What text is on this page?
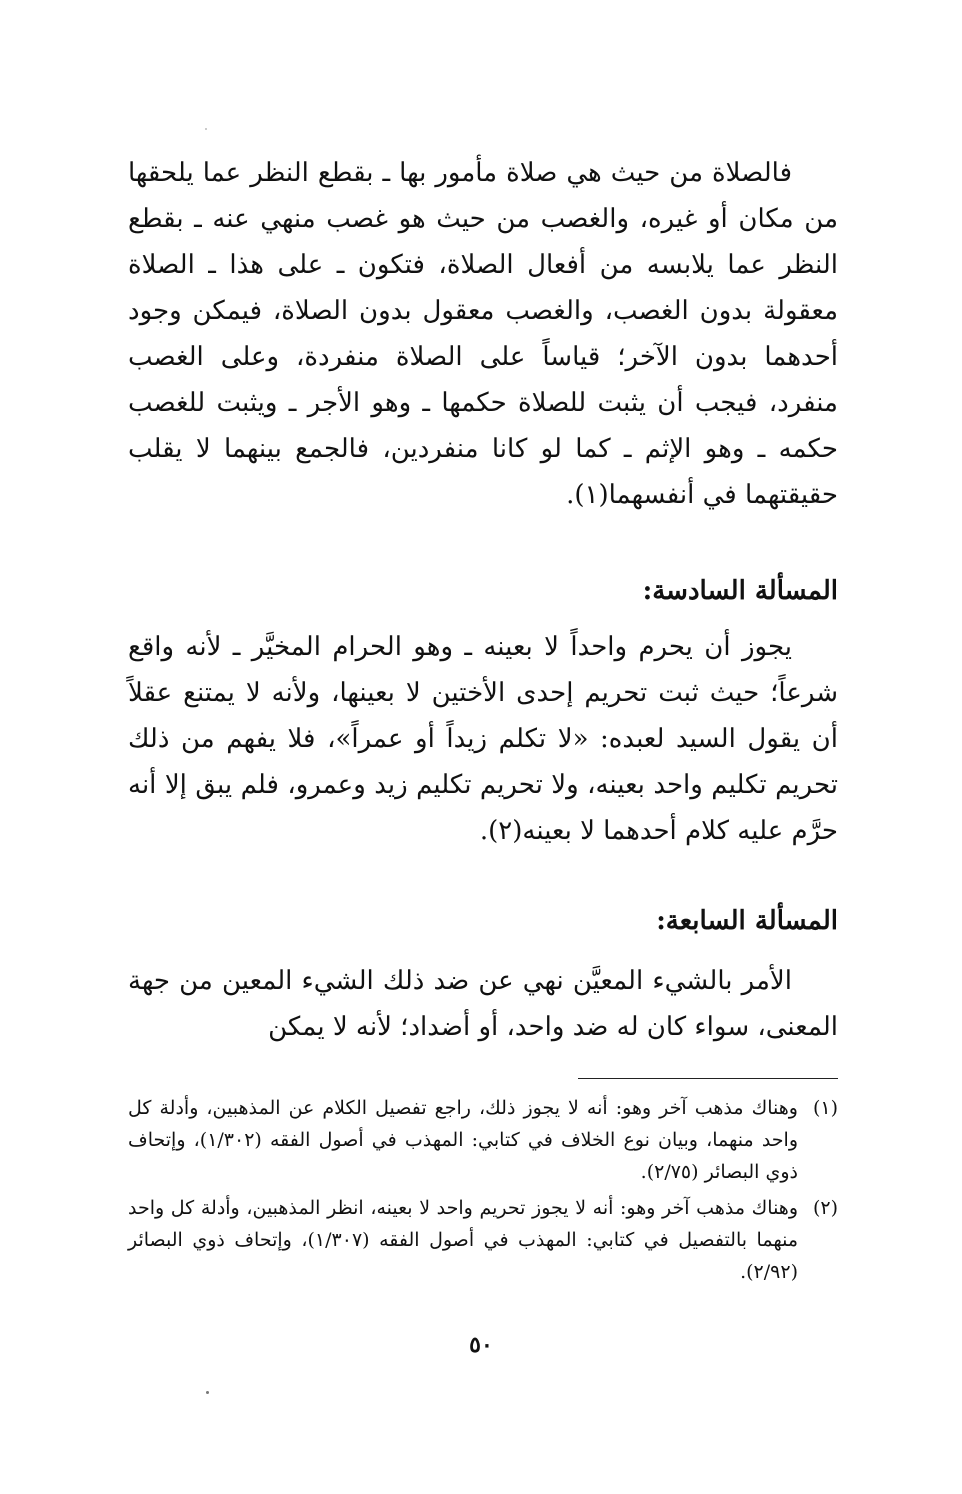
فالصلاة من حيث هي صلاة مأمور بها ـ بقطع النظر عما يلحقها من مكان أو غيره، والغصب من حيث هو غصب منهي عنه ـ بقطع النظر عما يلابسه من أفعال الصلاة، فتكون ـ على هذا ـ الصلاة معقولة بدون الغصب، والغصب معقول بدون الصلاة، فيمكن وجود أحدهما بدون الآخر؛ قياساً على الصلاة منفردة، وعلى الغصب منفرد، فيجب أن يثبت للصلاة حكمها ـ وهو الأجر ـ ويثبت للغصب حكمه ـ وهو الإثم ـ كما لو كانا منفردين، فالجمع بينهما لا يقلب حقيقتهما في أنفسهما(١).

المسألة السادسة:

يجوز أن يحرم واحداً لا بعينه ـ وهو الحرام المخيَّر ـ لأنه واقع شرعاً؛ حيث ثبت تحريم إحدى الأختين لا بعينها، ولأنه لا يمتنع عقلاً أن يقول السيد لعبده: «لا تكلم زيداً أو عمراً»، فلا يفهم من ذلك تحريم تكليم واحد بعينه، ولا تحريم تكليم زيد وعمرو، فلم يبق إلا أنه حرَّم عليه كلام أحدهما لا بعينه(٢).

المسألة السابعة:

الأمر بالشيء المعيَّن نهي عن ضد ذلك الشيء المعين من جهة المعنى، سواء كان له ضد واحد، أو أضداد؛ لأنه لا يمكن

(١)
وهناك مذهب آخر وهو: أنه لا يجوز ذلك، راجع تفصيل الكلام عن المذهبين، وأدلة كل واحد منهما، وبيان نوع الخلاف في كتابي: المهذب في أصول الفقه (١/٣٠٢)، وإتحاف ذوي البصائر (٢/٧٥).
(٢)
وهناك مذهب آخر وهو: أنه لا يجوز تحريم واحد لا بعينه، انظر المذهبين، وأدلة كل واحد منهما بالتفصيل في كتابي: المهذب في أصول الفقه (١/٣٠٧)، وإتحاف ذوي البصائر (٢/٩٢).
٥٠
